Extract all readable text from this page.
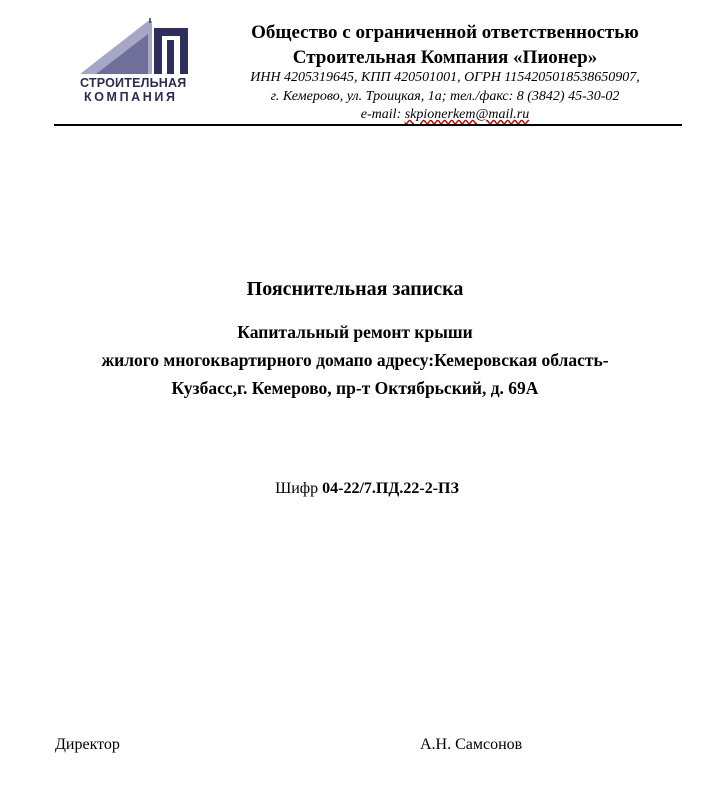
СТРОИТЕЛЬНАЯ
КОМПАНИЯ
Общество с ограниченной ответственностью
Строительная Компания «Пионер»
ИНН 4205319645, КПП 420501001, ОГРН 1154205018538650907,
г. Кемерово, ул. Троицкая, 1а; тел./факс: 8 (3842) 45-30-02
e-mail: skpionerkem@mail.ru
Пояснительная записка
Капитальный ремонт крыши
жилого многоквартирного домапо адресу:Кемеровская область-
Кузбасс,г. Кемерово, пр-т Октябрьский, д. 69А
Шифр 04-22/7.ПД.22-2-ПЗ
Директор	А.Н. Самсонов
